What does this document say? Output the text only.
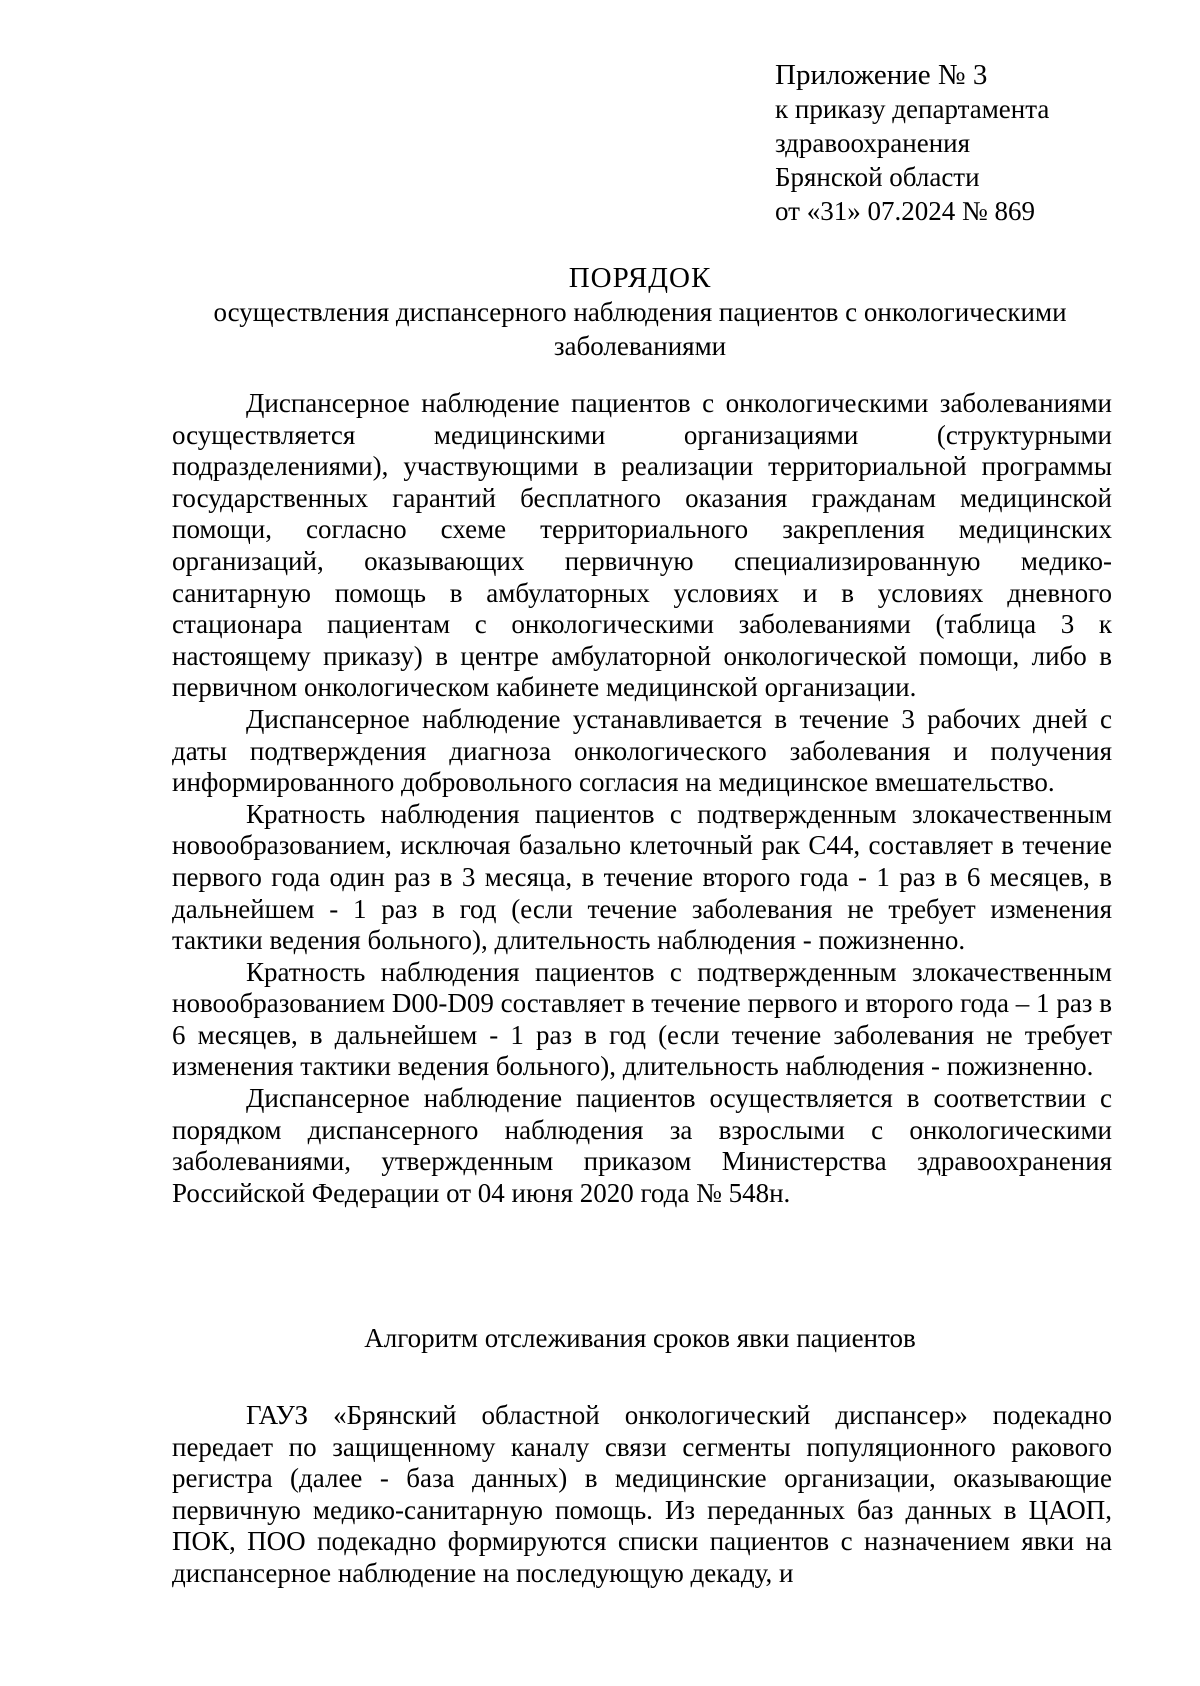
Приложение № 3
к приказу департамента
здравоохранения
Брянской области
от «31» 07.2024 № 869
ПОРЯДОК
осуществления диспансерного наблюдения пациентов с онкологическими заболеваниями

Диспансерное наблюдение пациентов с онкологическими заболеваниями осуществляется медицинскими организациями (структурными подразделениями), участвующими в реализации территориальной программы государственных гарантий бесплатного оказания гражданам медицинской помощи, согласно схеме территориального закрепления медицинских организаций, оказывающих первичную специализированную медико-санитарную помощь в амбулаторных условиях и в условиях дневного стационара пациентам с онкологическими заболеваниями (таблица 3 к настоящему приказу) в центре амбулаторной онкологической помощи, либо в первичном онкологическом кабинете медицинской организации.

Диспансерное наблюдение устанавливается в течение 3 рабочих дней с даты подтверждения диагноза онкологического заболевания и получения информированного добровольного согласия на медицинское вмешательство.

Кратность наблюдения пациентов с подтвержденным злокачественным новообразованием, исключая базально клеточный рак С44, составляет в течение первого года один раз в 3 месяца, в течение второго года - 1 раз в 6 месяцев, в дальнейшем - 1 раз в год (если течение заболевания не требует изменения тактики ведения больного), длительность наблюдения - пожизненно.

Кратность наблюдения пациентов с подтвержденным злокачественным новообразованием D00-D09 составляет в течение первого и второго года – 1 раз в 6 месяцев, в дальнейшем - 1 раз в год (если течение заболевания не требует изменения тактики ведения больного), длительность наблюдения - пожизненно.

Диспансерное наблюдение пациентов осуществляется в соответствии с порядком диспансерного наблюдения за взрослыми с онкологическими заболеваниями, утвержденным приказом Министерства здравоохранения Российской Федерации от 04 июня 2020 года № 548н.

Алгоритм отслеживания сроков явки пациентов

ГАУЗ «Брянский областной онкологический диспансер» подекадно передает по защищенному каналу связи сегменты популяционного ракового регистра (далее - база данных) в медицинские организации, оказывающие первичную медико-санитарную помощь. Из переданных баз данных в ЦАОП, ПОК, ПОО подекадно формируются списки пациентов с назначением явки на диспансерное наблюдение на последующую декаду, и
